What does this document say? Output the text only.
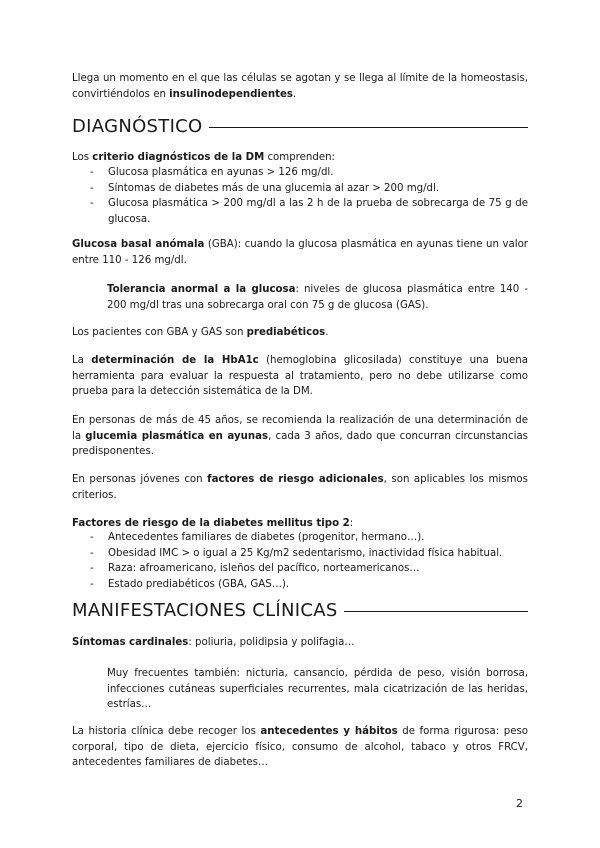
Llega un momento en el que las células se agotan y se llega al límite de la homeostasis, convirtiéndolos en insulinodependientes.

DIAGNÓSTICO

Los criterio diagnósticos de la DM comprenden:

- Glucosa plasmática en ayunas > 126 mg/dl.
- Síntomas de diabetes más de una glucemia al azar > 200 mg/dl.
- Glucosa plasmática > 200 mg/dl a las 2 h de la prueba de sobrecarga de 75 g de glucosa.

Glucosa basal anómala (GBA): cuando la glucosa plasmática en ayunas tiene un valor entre 110 - 126 mg/dl.

Tolerancia anormal a la glucosa: niveles de glucosa plasmática entre 140 - 200 mg/dl tras una sobrecarga oral con 75 g de glucosa (GAS).

Los pacientes con GBA y GAS son prediabéticos.

La determinación de la HbA1c (hemoglobina glicosilada) constituye una buena herramienta para evaluar la respuesta al tratamiento, pero no debe utilizarse como prueba para la detección sistemática de la DM.

En personas de más de 45 años, se recomienda la realización de una determinación de la glucemia plasmática en ayunas, cada 3 años, dado que concurran circunstancias predisponentes.

En personas jóvenes con factores de riesgo adicionales, son aplicables los mismos criterios.

Factores de riesgo de la diabetes mellitus tipo 2:

- Antecedentes familiares de diabetes (progenitor, hermano…).
- Obesidad IMC > o igual a 25 Kg/m2 sedentarismo, inactividad física habitual.
- Raza: afroamericano, isleños del pacífico, norteamericanos…
- Estado prediabéticos (GBA, GAS…).
MANIFESTACIONES CLÍNICAS

Síntomas cardinales: poliuria, polidipsia y polifagia…

Muy frecuentes también: nicturia, cansancio, pérdida de peso, visión borrosa, infecciones cutáneas superficiales recurrentes, mala cicatrización de las heridas, estrías…

La historia clínica debe recoger los antecedentes y hábitos de forma rigurosa: peso corporal, tipo de dieta, ejercicio físico, consumo de alcohol, tabaco y otros FRCV, antecedentes familiares de diabetes…

2
